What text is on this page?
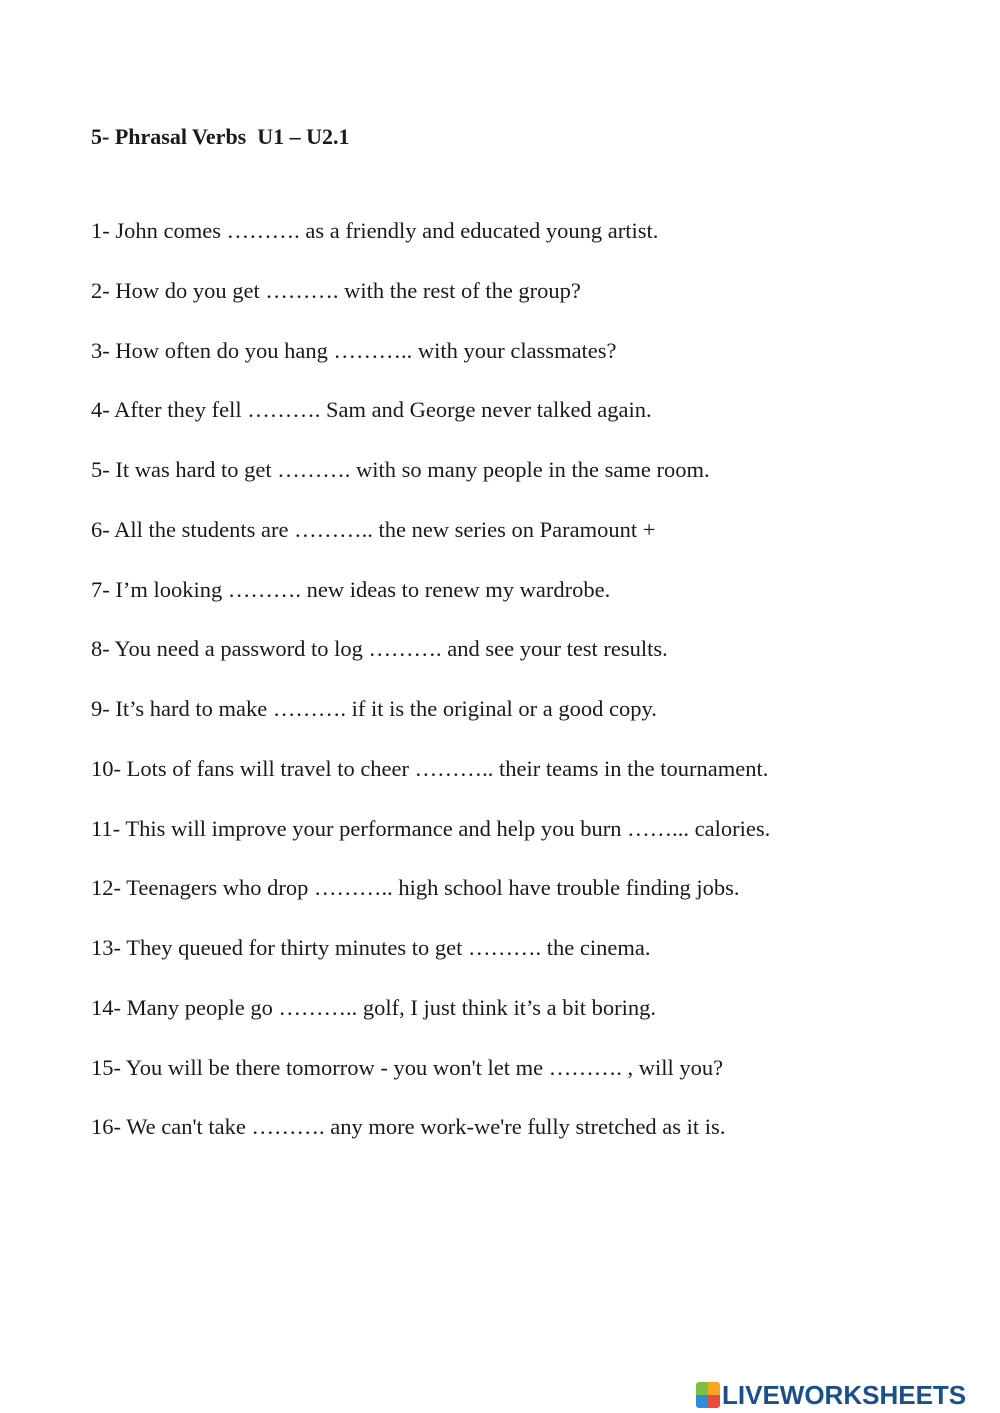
5- Phrasal Verbs  U1 – U2.1
1- John comes ………. as a friendly and educated young artist.
2- How do you get ………. with the rest of the group?
3- How often do you hang ……….. with your classmates?
4- After they fell ………. Sam and George never talked again.
5- It was hard to get ………. with so many people in the same room.
6- All the students are ……….. the new series on Paramount +
7- I’m looking ………. new ideas to renew my wardrobe.
8- You need a password to log ………. and see your test results.
9- It’s hard to make ………. if it is the original or a good copy.
10- Lots of fans will travel to cheer ……….. their teams in the tournament.
11- This will improve your performance and help you burn ……... calories.
12- Teenagers who drop ……….. high school have trouble finding jobs.
13- They queued for thirty minutes to get ………. the cinema.
14- Many people go ……….. golf, I just think it’s a bit boring.
15- You will be there tomorrow - you won't let me ………. , will you?
16- We can't take ………. any more work-we're fully stretched as it is.
LIVEWORKSHEETS
